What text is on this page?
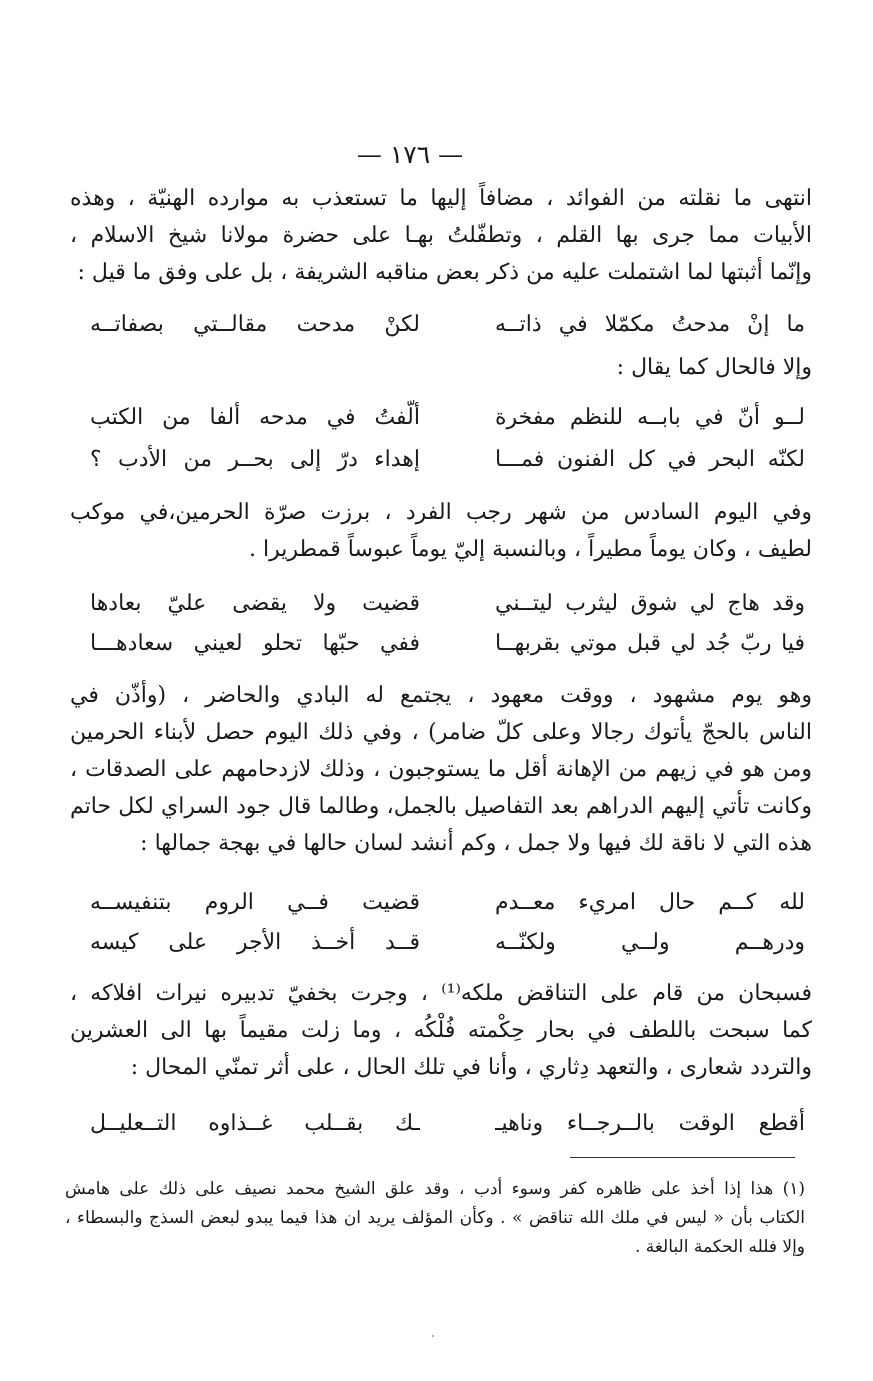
— ١٧٦ —
انتهى ما نقلته من الفوائد ، مضافاً إليها ما تستعذب به موارده الهنيّة ، وهذه
الأبيات مما جرى بها القلم ، وتطفّلتُ بهـا على حضرة مولانا شيخ الاسلام ،
وإنّما أثبتها لما اشتملت عليه من ذكر بعض مناقبه الشريفة ، بل على وفق ما قيل :
ما إنْ مدحتُ مكمّلا في ذاتــه
لكنْ مدحت مقالــتي بصفاتــه
وإلا فالحال كما يقال :
لــو أنّ في بابــه للنظم مفخرة
ألّفتُ في مدحه ألفا من الكتب
لكنّه البحر في كل الفنون فمـــا
إهداء درّ إلى بحــر من الأدب ؟
وفي اليوم السادس من شهر رجب الفرد ، برزت صرّة الحرمين،في موكب
لطيف ، وكان يوماً مطيراً ، وبالنسبة إليّ يوماً عبوساً قمطريرا .
وقد هاج لي شوق ليثرب ليتــني
قضيت ولا يقضى عليّ بعادها
فيا ربّ جُد لي قبل موتي بقربهــا
ففي حبّها تحلو لعيني سعادهـــا
وهو يوم مشهود ، ووقت معهود ، يجتمع له البادي والحاضر ، (وأذّن في
الناس بالحجّ يأتوك رجالا وعلى كلّ ضامر) ، وفي ذلك اليوم حصل لأبناء الحرمين
ومن هو في زيهم من الإهانة أقل ما يستوجبون ، وذلك لازدحامهم على الصدقات ،
وكانت تأتي إليهم الدراهم بعد التفاصيل بالجمل، وطالما قال جود السراي لكل حاتم
هذه التي لا ناقة لك فيها ولا جمل ، وكم أنشد لسان حالها في بهجة جمالها :
لله كــم حال امريء معــدم
قضيت فــي الروم بتنفيســه
ودرهــم ولــي ولكنّــه
قــد أخــذ الأجر على كيسه
فسبحان من قام على التناقض ملكه⁽¹⁾ ، وجرت بخفيّ تدبيره نيرات افلاكه ،
كما سبحت باللطف في بحار حِكْمته فُلْكُه ، وما زلت مقيماً بها الى العشرين
والتردد شعارى ، والتعهد دِثاري ، وأنا في تلك الحال ، على أثر تمنّي المحال :
أقطع الوقت بالــرجــاء وناهيـ
ـك بقــلب غــذاوه التــعليــل
(١) هذا إذا أخذ على ظاهره كفر وسوء أدب ، وقد علق الشيخ محمد نصيف على ذلك على هامش
الكتاب بأن « ليس في ملك الله تناقض » . وكأن المؤلف يريد ان هذا فيما يبدو لبعض السذج والبسطاء ،
وإلا فلله الحكمة البالغة .
